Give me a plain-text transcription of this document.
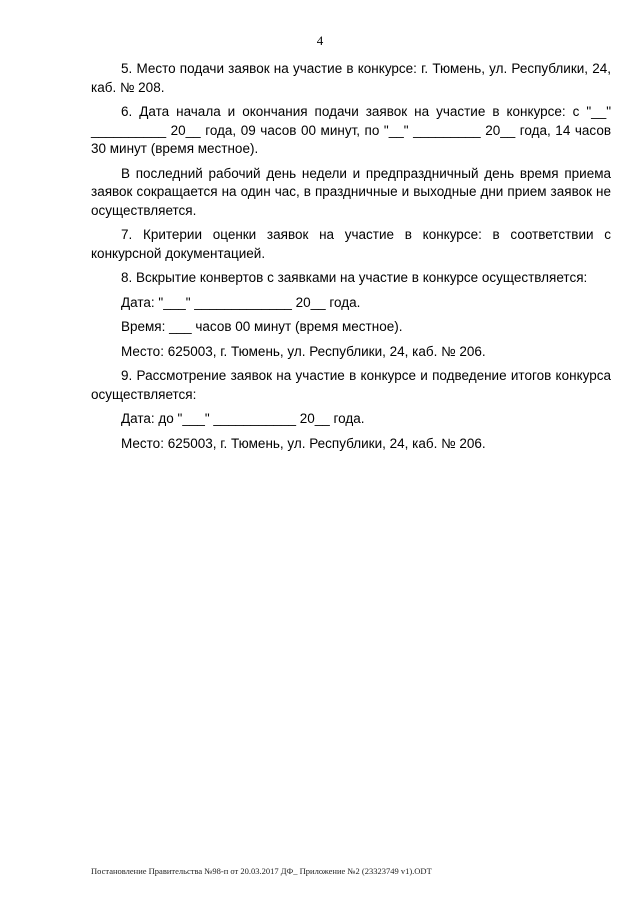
4

5. Место подачи заявок на участие в конкурсе: г. Тюмень, ул. Республики, 24, каб. № 208.

6. Дата начала и окончания подачи заявок на участие в конкурсе: с "__" __________ 20__ года, 09 часов 00 минут, по "__" _________ 20__ года, 14 часов 30 минут (время местное).

В последний рабочий день недели и предпраздничный день время приема заявок сокращается на один час, в праздничные и выходные дни прием заявок не осуществляется.

7. Критерии оценки заявок на участие в конкурсе: в соответствии с конкурсной документацией.

8. Вскрытие конвертов с заявками на участие в конкурсе осуществляется:

Дата: "___" _____________ 20__ года.

Время: ___ часов 00 минут (время местное).

Место: 625003, г. Тюмень, ул. Республики, 24, каб. № 206.

9. Рассмотрение заявок на участие в конкурсе и подведение итогов конкурса осуществляется:

Дата: до "___" ___________ 20__ года.

Место: 625003, г. Тюмень, ул. Республики, 24, каб. № 206.

Постановление Правительства №98-п от 20.03.2017 ДФ_ Приложение №2 (23323749 v1).ODT
